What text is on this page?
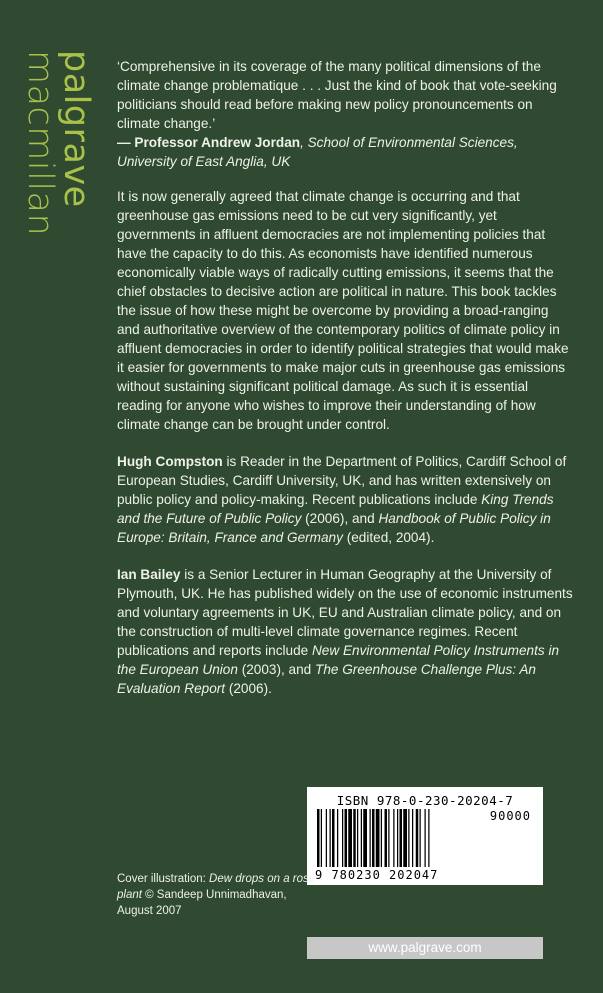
palgrave
macmillan	‘Comprehensive in its coverage of the many political dimensions of the climate change problematique . . . Just the kind of book that vote-seeking politicians should read before making new policy pronouncements on climate change.’
— Professor Andrew Jordan, School of Environmental Sciences, University of East Anglia, UK

It is now generally agreed that climate change is occurring and that greenhouse gas emissions need to be cut very significantly, yet governments in affluent democracies are not implementing policies that have the capacity to do this. As economists have identified numerous economically viable ways of radically cutting emissions, it seems that the chief obstacles to decisive action are political in nature. This book tackles the issue of how these might be overcome by providing a broad-ranging and authoritative overview of the contemporary politics of climate policy in affluent democracies in order to identify political strategies that would make it easier for governments to make major cuts in greenhouse gas emissions without sustaining significant political damage. As such it is essential reading for anyone who wishes to improve their understanding of how climate change can be brought under control.

Hugh Compston is Reader in the Department of Politics, Cardiff School of European Studies, Cardiff University, UK, and has written extensively on public policy and policy-making. Recent publications include King Trends and the Future of Public Policy (2006), and Handbook of Public Policy in Europe: Britain, France and Germany (edited, 2004).

Ian Bailey is a Senior Lecturer in Human Geography at the University of Plymouth, UK. He has published widely on the use of economic instruments and voluntary agreements in UK, EU and Australian climate policy, and on the construction of multi-level climate governance regimes. Recent publications and reports include New Environmental Policy Instruments in the European Union (2003), and The Greenhouse Challenge Plus: An Evaluation Report (2006).

ISBN 978-0-230-20204-7
90000
9 780230 202047
Cover illustration: Dew drops on a rose plant © Sandeep Unnimadhavan, August 2007
www.palgrave.com
